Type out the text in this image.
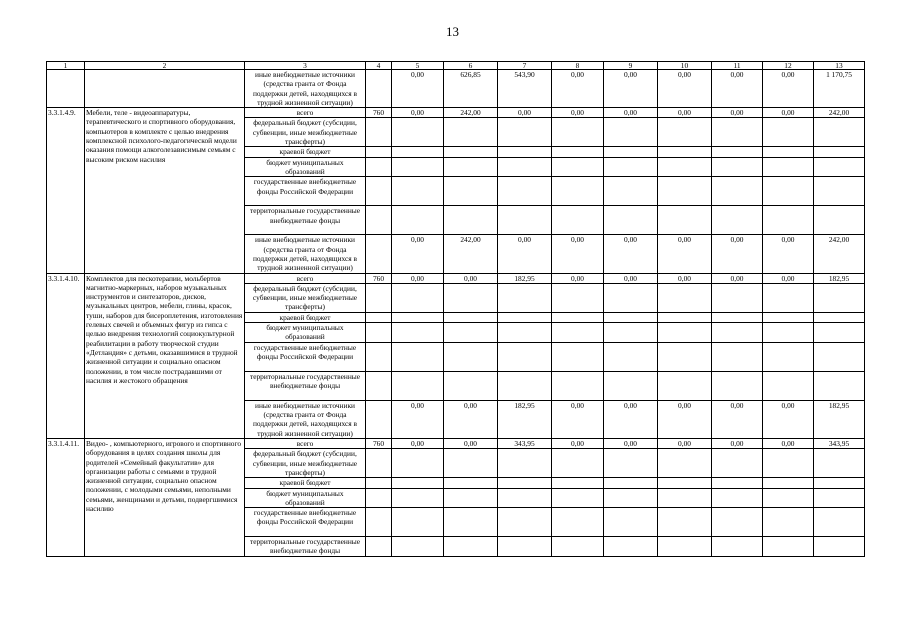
13
1	2	3	4	5	6	7	8	9	10	11	12	13
		иные внебюджетные источники (средства гранта от Фонда поддержки детей, находящихся в трудной жизненной ситуации)		0,00	626,85	543,90	0,00	0,00	0,00	0,00	0,00	1 170,75
3.3.1.4.9.	Мебели, теле - видеоаппаратуры, терапевтического и спортивного оборудования, компьютеров в комплекте с целью внедрения комплексной психолого-педагогической модели оказания помощи алкоголезависимым семьям с высоким риском насилия	всего	760	0,00	242,00	0,00	0,00	0,00	0,00	0,00	0,00	242,00
		федеральный бюджет (субсидии, субвенции, иные межбюджетные трансферты)										
		краевой бюджет										
		бюджет муниципальных образований										
		государственные внебюджетные фонды Российской Федерации										
		территориальные государственные внебюджетные фонды										
		иные внебюджетные источники (средства гранта от Фонда поддержки детей, находящихся в трудной жизненной ситуации)		0,00	242,00	0,00	0,00	0,00	0,00	0,00	0,00	242,00
3.3.1.4.10.	Комплектов для пескотерапии, мольбертов магнитно-маркерных, наборов музыкальных инструментов и синтезаторов, дисков, музыкальных центров, мебели, глины, красок, туши, наборов для бисероплетения, изготовления гелевых свечей и объемных фигур из гипса с целью внедрения технологий социокультурной реабилитации в работу творческой студии «Детландия» с детьми, оказавшимися в трудной жизненной ситуации и социально опасном положении, в том числе пострадавшими от насилия и жестокого обращения	всего	760	0,00	0,00	182,95	0,00	0,00	0,00	0,00	0,00	182,95
		федеральный бюджет (субсидии, субвенции, иные межбюджетные трансферты)										
		краевой бюджет										
		бюджет муниципальных образований										
		государственные внебюджетные фонды Российской Федерации										
		территориальные государственные внебюджетные фонды										
		иные внебюджетные источники (средства гранта от Фонда поддержки детей, находящихся в трудной жизненной ситуации)		0,00	0,00	182,95	0,00	0,00	0,00	0,00	0,00	182,95
3.3.1.4.11.	Видео- , компьютерного, игрового и спортивного оборудования в целях создания школы для родителей «Семейный факультатив» для организации работы с семьями в трудной жизненной ситуации, социально опасном положении, с молодыми семьями, неполными семьями, женщинами и детьми, подвергшимися насилию	всего	760	0,00	0,00	343,95	0,00	0,00	0,00	0,00	0,00	343,95
		федеральный бюджет (субсидии, субвенции, иные межбюджетные трансферты)										
		краевой бюджет										
		бюджет муниципальных образований										
		государственные внебюджетные фонды Российской Федерации										
		территориальные государственные внебюджетные фонды										
